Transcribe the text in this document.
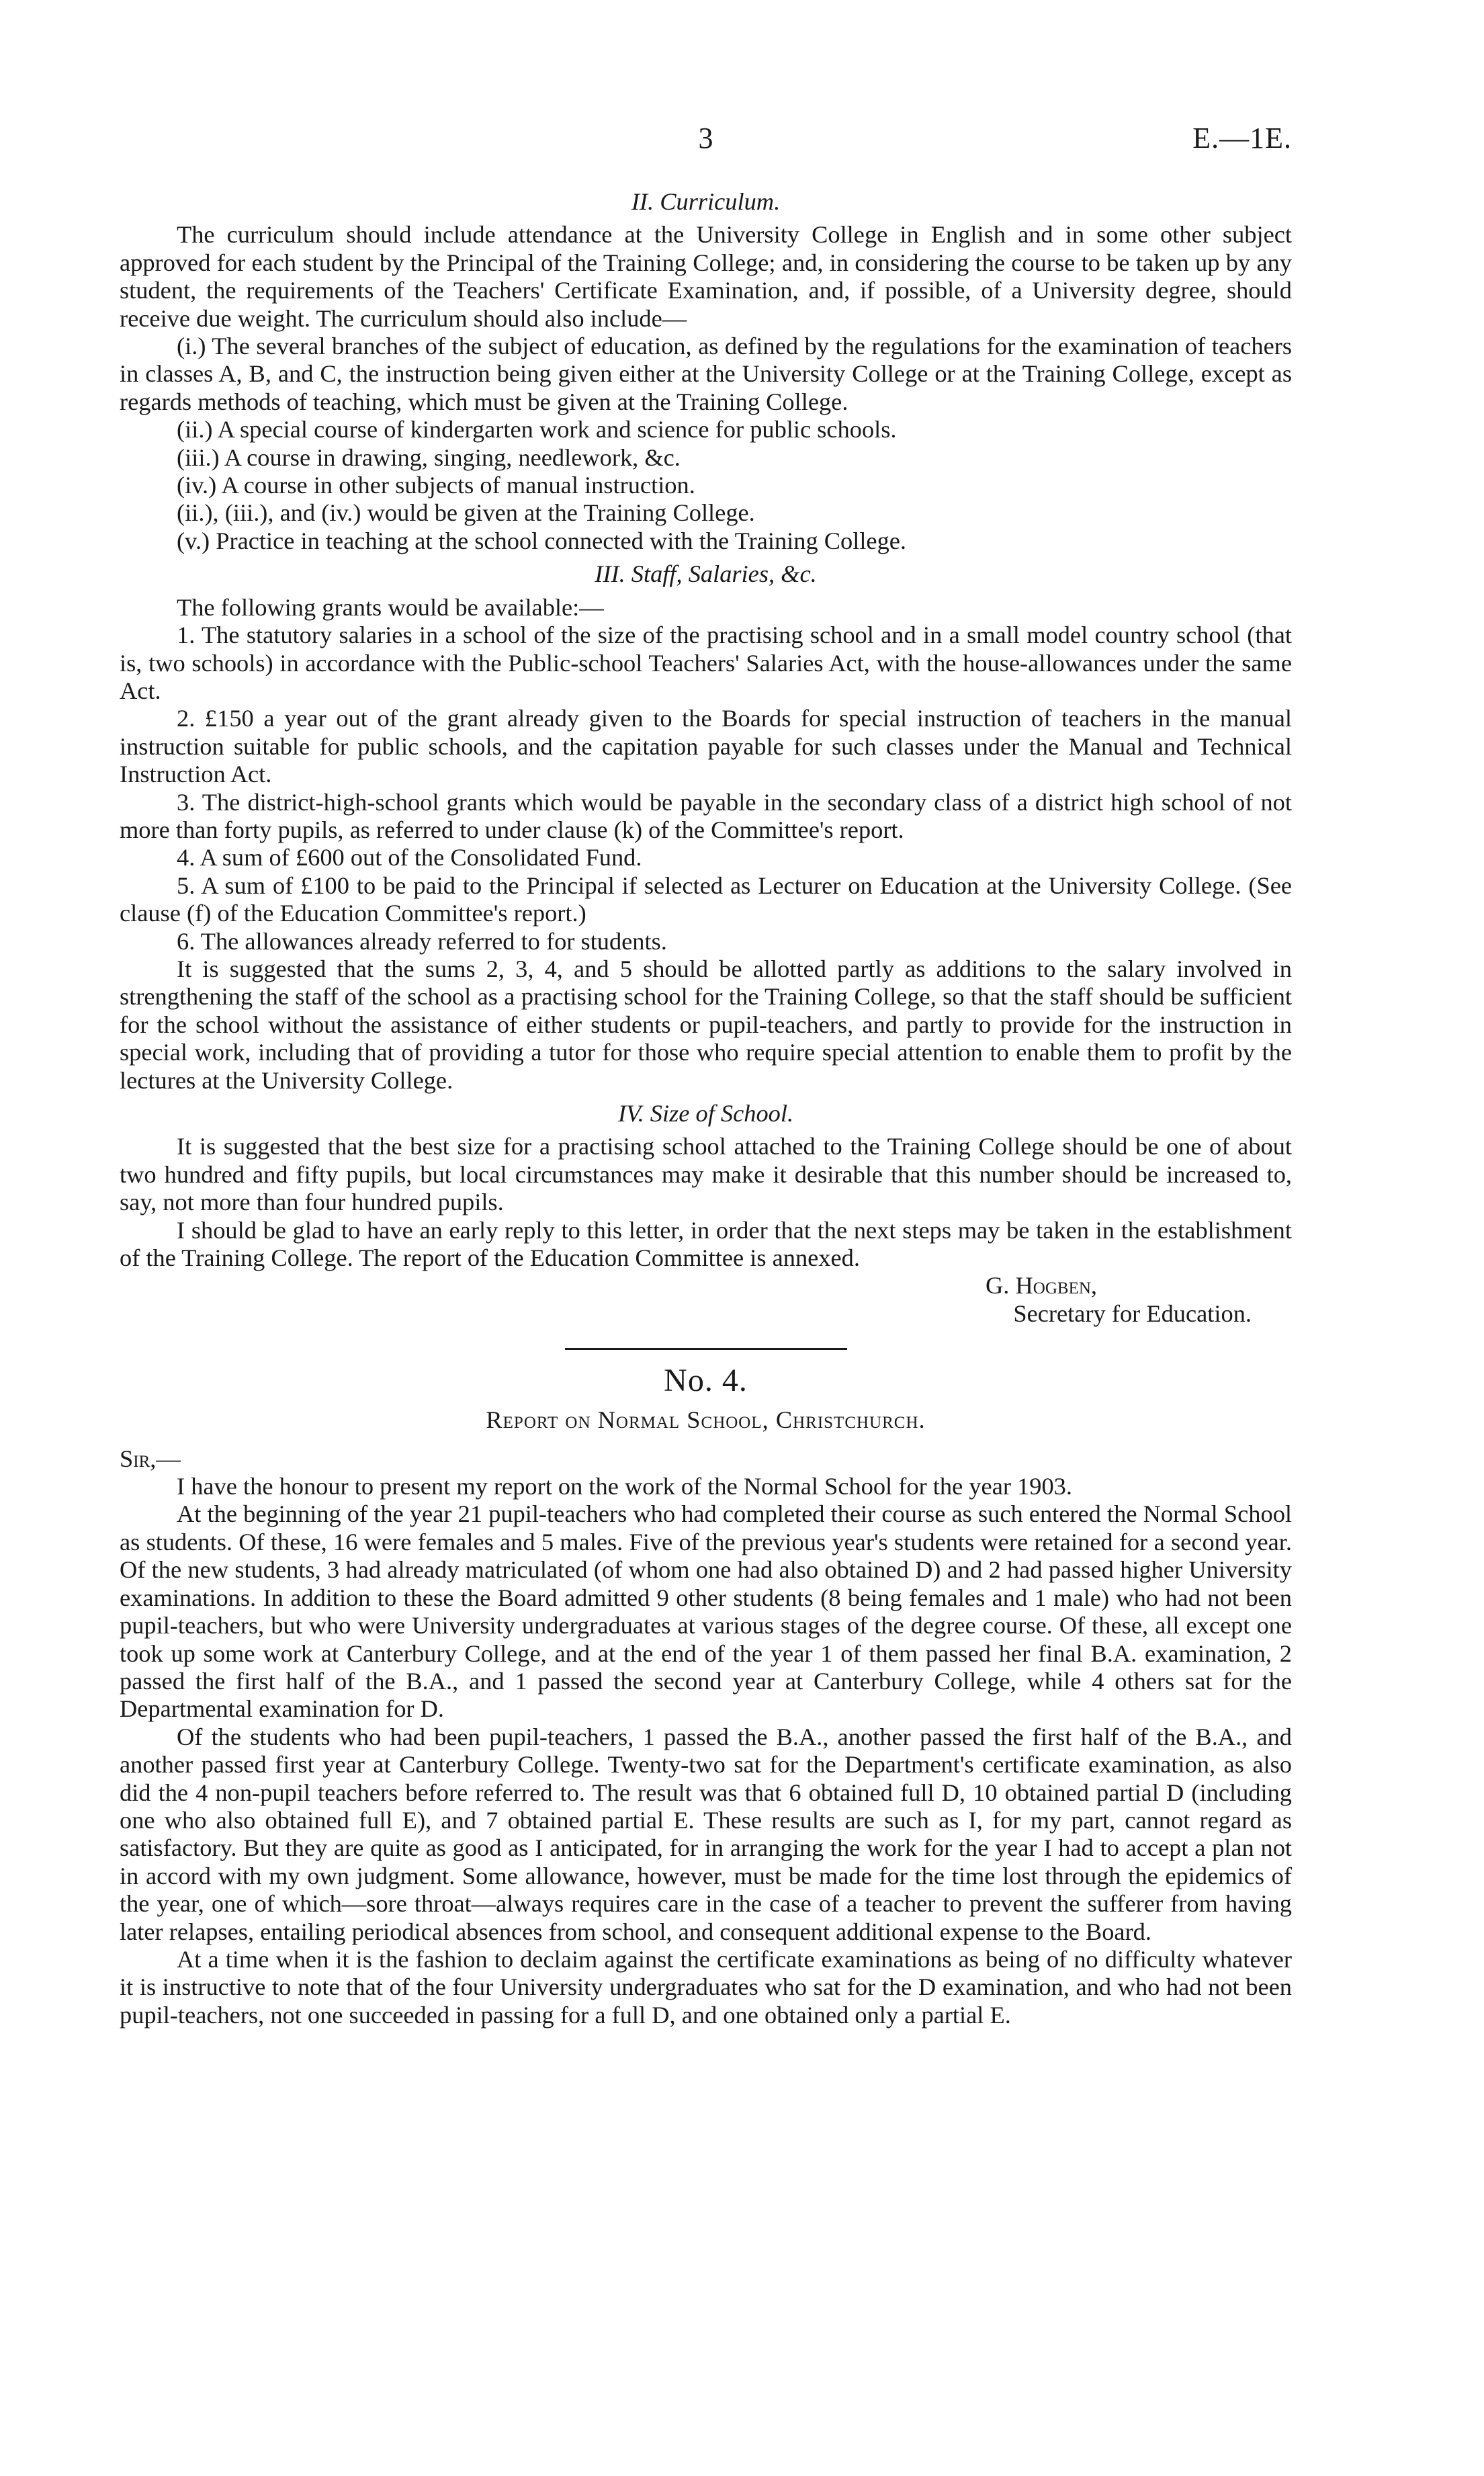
3	E.—1E.

II. Curriculum.

The curriculum should include attendance at the University College in English and in some other subject approved for each student by the Principal of the Training College; and, in considering the course to be taken up by any student, the requirements of the Teachers' Certificate Examination, and, if possible, of a University degree, should receive due weight. The curriculum should also include—

(i.) The several branches of the subject of education, as defined by the regulations for the examination of teachers in classes A, B, and C, the instruction being given either at the University College or at the Training College, except as regards methods of teaching, which must be given at the Training College.

(ii.) A special course of kindergarten work and science for public schools.

(iii.) A course in drawing, singing, needlework, &c.

(iv.) A course in other subjects of manual instruction.

(ii.), (iii.), and (iv.) would be given at the Training College.

(v.) Practice in teaching at the school connected with the Training College.

III. Staff, Salaries, &c.

The following grants would be available:—

1. The statutory salaries in a school of the size of the practising school and in a small model country school (that is, two schools) in accordance with the Public-school Teachers' Salaries Act, with the house-allowances under the same Act.

2. £150 a year out of the grant already given to the Boards for special instruction of teachers in the manual instruction suitable for public schools, and the capitation payable for such classes under the Manual and Technical Instruction Act.

3. The district-high-school grants which would be payable in the secondary class of a district high school of not more than forty pupils, as referred to under clause (k) of the Committee's report.

4. A sum of £600 out of the Consolidated Fund.

5. A sum of £100 to be paid to the Principal if selected as Lecturer on Education at the University College. (See clause (f) of the Education Committee's report.)

6. The allowances already referred to for students.

It is suggested that the sums 2, 3, 4, and 5 should be allotted partly as additions to the salary involved in strengthening the staff of the school as a practising school for the Training College, so that the staff should be sufficient for the school without the assistance of either students or pupil-teachers, and partly to provide for the instruction in special work, including that of providing a tutor for those who require special attention to enable them to profit by the lectures at the University College.

IV. Size of School.

It is suggested that the best size for a practising school attached to the Training College should be one of about two hundred and fifty pupils, but local circumstances may make it desirable that this number should be increased to, say, not more than four hundred pupils.

I should be glad to have an early reply to this letter, in order that the next steps may be taken in the establishment of the Training College. The report of the Education Committee is annexed.

G. Hogben,
Secretary for Education.
No. 4.
Report on Normal School, Christchurch.

Sir,—

I have the honour to present my report on the work of the Normal School for the year 1903.

At the beginning of the year 21 pupil-teachers who had completed their course as such entered the Normal School as students. Of these, 16 were females and 5 males. Five of the previous year's students were retained for a second year. Of the new students, 3 had already matriculated (of whom one had also obtained D) and 2 had passed higher University examinations. In addition to these the Board admitted 9 other students (8 being females and 1 male) who had not been pupil-teachers, but who were University undergraduates at various stages of the degree course. Of these, all except one took up some work at Canterbury College, and at the end of the year 1 of them passed her final B.A. examination, 2 passed the first half of the B.A., and 1 passed the second year at Canterbury College, while 4 others sat for the Departmental examination for D.

Of the students who had been pupil-teachers, 1 passed the B.A., another passed the first half of the B.A., and another passed first year at Canterbury College. Twenty-two sat for the Department's certificate examination, as also did the 4 non-pupil teachers before referred to. The result was that 6 obtained full D, 10 obtained partial D (including one who also obtained full E), and 7 obtained partial E. These results are such as I, for my part, cannot regard as satisfactory. But they are quite as good as I anticipated, for in arranging the work for the year I had to accept a plan not in accord with my own judgment. Some allowance, however, must be made for the time lost through the epidemics of the year, one of which—sore throat—always requires care in the case of a teacher to prevent the sufferer from having later relapses, entailing periodical absences from school, and consequent additional expense to the Board.

At a time when it is the fashion to declaim against the certificate examinations as being of no difficulty whatever it is instructive to note that of the four University undergraduates who sat for the D examination, and who had not been pupil-teachers, not one succeeded in passing for a full D, and one obtained only a partial E.
